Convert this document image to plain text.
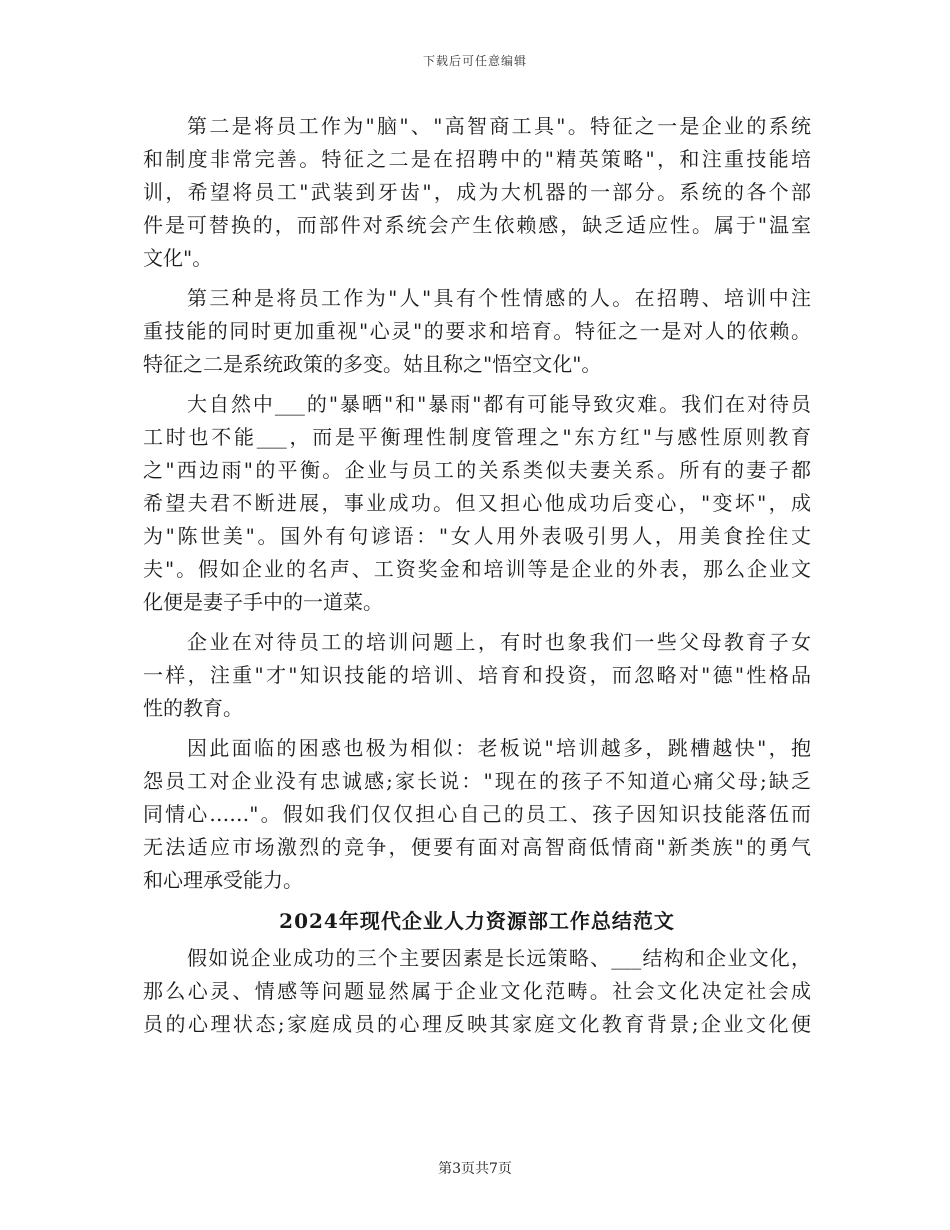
下载后可任意编辑
第二是将员工作为"脑"、"高智商工具"。特征之一是企业的系统
和制度非常完善。特征之二是在招聘中的"精英策略"，和注重技能培
训，希望将员工"武装到牙齿"，成为大机器的一部分。系统的各个部
件是可替换的，而部件对系统会产生依赖感，缺乏适应性。属于"温室
文化"。
第三种是将员工作为"人"具有个性情感的人。在招聘、培训中注
重技能的同时更加重视"心灵"的要求和培育。特征之一是对人的依赖。
特征之二是系统政策的多变。姑且称之"悟空文化"。
大自然中___的"暴晒"和"暴雨"都有可能导致灾难。我们在对待员
工时也不能___，而是平衡理性制度管理之"东方红"与感性原则教育
之"西边雨"的平衡。企业与员工的关系类似夫妻关系。所有的妻子都
希望夫君不断进展，事业成功。但又担心他成功后变心，"变坏"，成
为"陈世美"。国外有句谚语："女人用外表吸引男人，用美食拴住丈
夫"。假如企业的名声、工资奖金和培训等是企业的外表，那么企业文
化便是妻子手中的一道菜。
企业在对待员工的培训问题上，有时也象我们一些父母教育子女
一样，注重"才"知识技能的培训、培育和投资，而忽略对"德"性格品
性的教育。
因此面临的困惑也极为相似：老板说"培训越多，跳槽越快"，抱
怨员工对企业没有忠诚感;家长说："现在的孩子不知道心痛父母;缺乏
同情心……"。假如我们仅仅担心自己的员工、孩子因知识技能落伍而
无法适应市场激烈的竞争，便要有面对高智商低情商"新类族"的勇气
和心理承受能力。
2024年现代企业人力资源部工作总结范文
假如说企业成功的三个主要因素是长远策略、___结构和企业文化，
那么心灵、情感等问题显然属于企业文化范畴。社会文化决定社会成
员的心理状态;家庭成员的心理反映其家庭文化教育背景;企业文化便
第3页共7页
